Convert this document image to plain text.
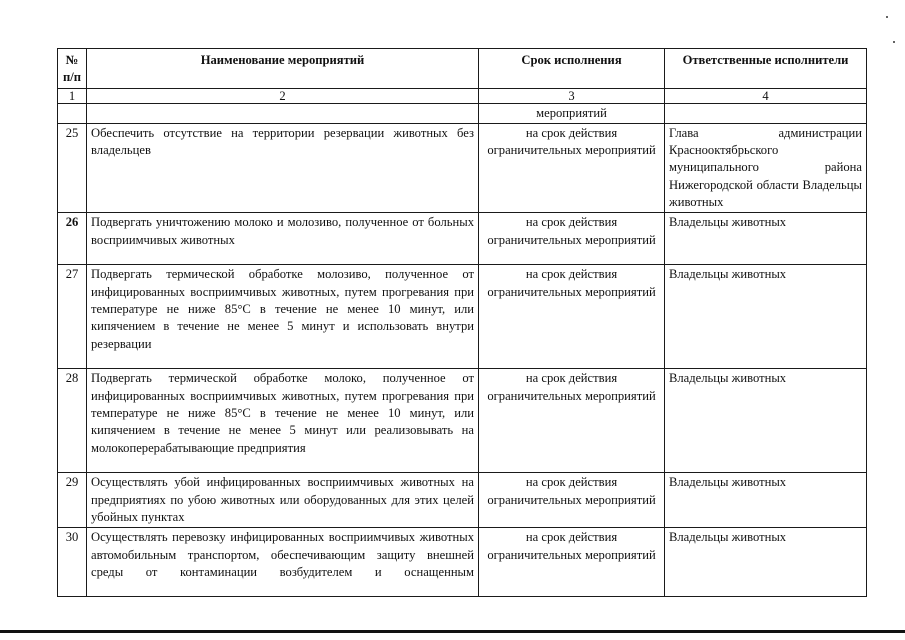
№
п/п	Наименование мероприятий	Срок исполнения	Ответственные исполнители
1	2	3	4
		мероприятий	
25	Обеспечить отсутствие на территории резервации животных без владельцев	на срок действия ограничительных мероприятий	Глава администрации Краснооктябрьского муниципального района Нижегородской области Владельцы животных
26	Подвергать уничтожению молоко и молозиво, полученное от больных восприимчивых животных	на срок действия ограничительных мероприятий	Владельцы животных
27	Подвергать термической обработке молозиво, полученное от инфицированных восприимчивых животных, путем прогревания при температуре не ниже 85°С в течение не менее 10 минут, или кипячением в течение не менее 5 минут и использовать внутри резервации	на срок действия ограничительных мероприятий	Владельцы животных
28	Подвергать термической обработке молоко, полученное от инфицированных восприимчивых животных, путем прогревания при температуре не ниже 85°С в течение не менее 10 минут, или кипячением в течение не менее 5 минут или реализовывать на молокоперерабатывающие предприятия	на срок действия ограничительных мероприятий	Владельцы животных
29	Осуществлять убой инфицированных восприимчивых животных на предприятиях по убою животных или оборудованных для этих целей убойных пунктах	на срок действия ограничительных мероприятий	Владельцы животных
30	Осуществлять перевозку инфицированных восприимчивых животных автомобильным транспортом, обеспечивающим защиту внешней среды от контаминации возбудителем и оснащенным	на срок действия ограничительных мероприятий	Владельцы животных
